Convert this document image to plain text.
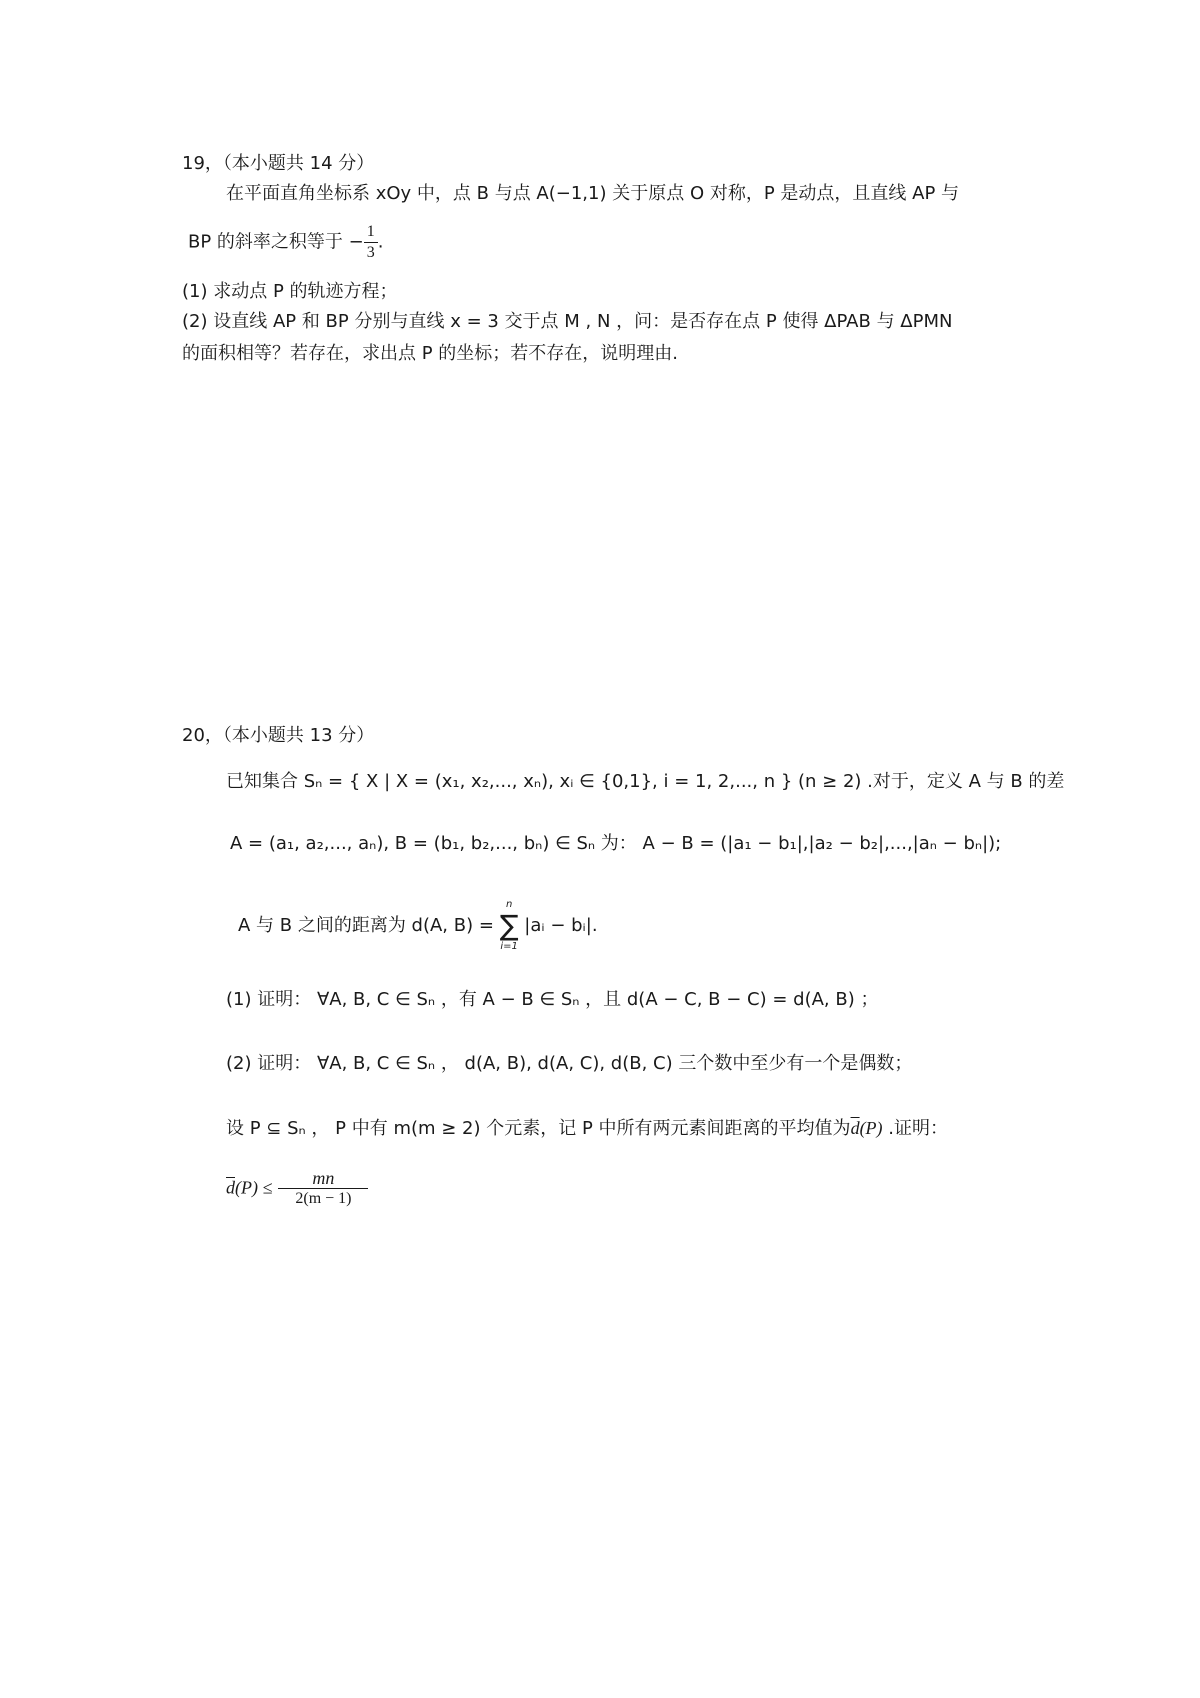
19，（本小题共 14 分）
在平面直角坐标系 xOy 中，点 B 与点 A(−1,1) 关于原点 O 对称，P 是动点，且直线 AP 与
BP 的斜率之积等于 − $\frac{1}{3}$ .
(1) 求动点 P 的轨迹方程；
(2) 设直线 AP 和 BP 分别与直线 x = 3 交于点 M , N ，问：是否存在点 P 使得 ΔPAB 与 ΔPMN
的面积相等？若存在，求出点 P 的坐标；若不存在，说明理由.
20，（本小题共 13 分）
已知集合 Sₙ = { X | X = (x₁, x₂,..., xₙ), xᵢ ∈ {0,1}, i = 1, 2,..., n } (n ≥ 2) .对于，定义 A 与 B 的差
A = (a₁, a₂,..., aₙ), B = (b₁, b₂,..., bₙ) ∈ Sₙ 为： A − B = (|a₁ − b₁|,|a₂ − b₂|,...,|aₙ − bₙ|);
A 与 B 之间的距离为 d(A, B) =
n
∑
i=1
|aᵢ − bᵢ|.
(1) 证明： ∀A, B, C ∈ Sₙ ，有 A − B ∈ Sₙ ，且 d(A − C, B − C) = d(A, B) ；
(2) 证明： ∀A, B, C ∈ Sₙ ， d(A, B), d(A, C), d(B, C) 三个数中至少有一个是偶数；
设 P ⊆ Sₙ ， P 中有 m(m ≥ 2) 个元素，记 P 中所有两元素间距离的平均值为$\overline{d}(P)$ .证明：
$\overline{d}(P) \le \frac{mn}{2(m - 1)}$
